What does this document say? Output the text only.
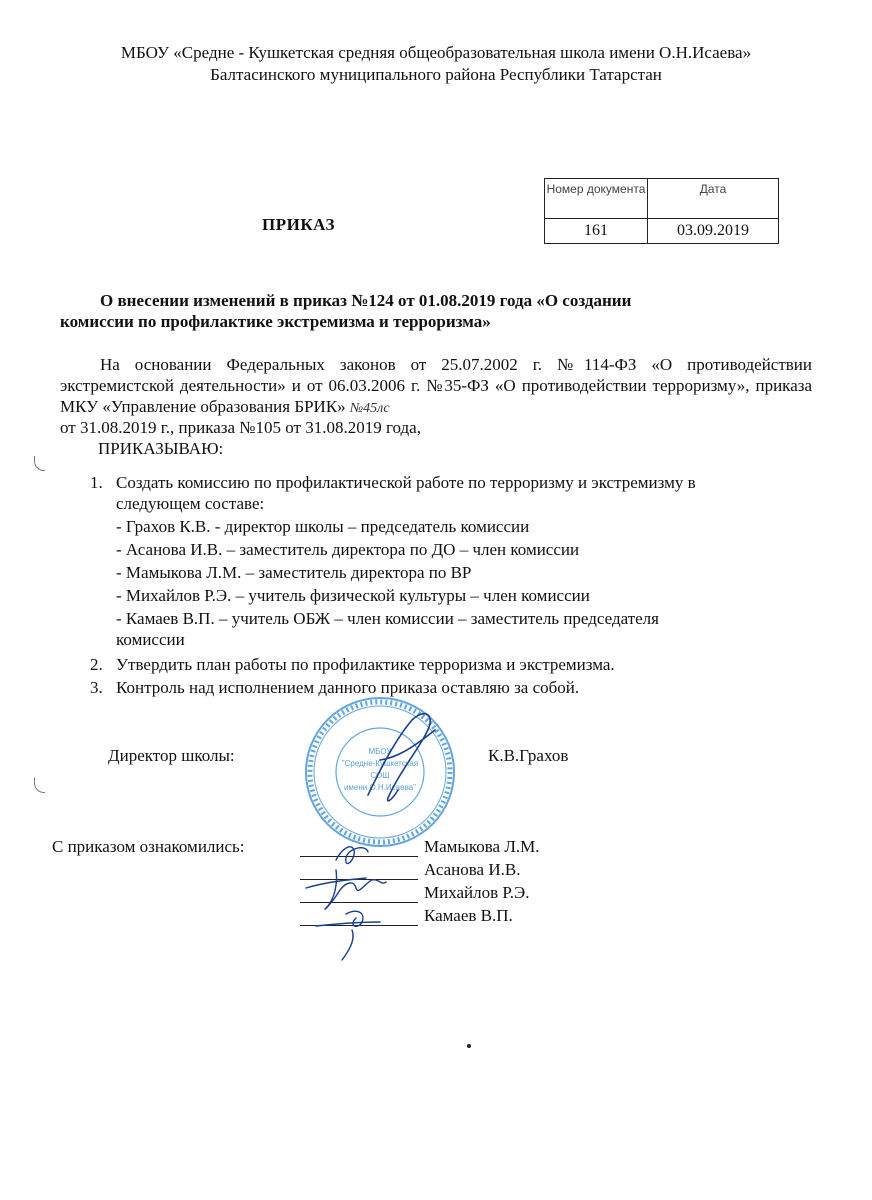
МБОУ «Средне - Кушкетская средняя общеобразовательная школа имени О.Н.Исаева»
Балтасинского муниципального района Республики Татарстан
ПРИКАЗ
Номер документа	Дата
161	03.09.2019
О внесении изменений в приказ №124 от 01.08.2019 года «О создании
комиссии по профилактике экстремизма и терроризма»
На основании Федеральных законов от 25.07.2002 г. №114-ФЗ «О противодействии экстремистской деятельности» и от 06.03.2006 г. №35-ФЗ «О противодействии терроризму», приказа МКУ «Управление образования БРИК» №45лс
от 31.08.2019 г., приказа №105 от 31.08.2019 года,
ПРИКАЗЫВАЮ:
1. Создать комиссию по профилактической работе по терроризму и экстремизму в
следующем составе:
- Грахов К.В. - директор школы – председатель комиссии
- Асанова И.В. – заместитель директора по ДО – член комиссии
- Мамыкова Л.М. – заместитель директора по ВР
- Михайлов Р.Э. – учитель физической культуры – член комиссии
- Камаев В.П. – учитель ОБЖ – член комиссии – заместитель председателя
комиссии
2. Утвердить план работы по профилактике терроризма и экстремизма.
3. Контроль над исполнением данного приказа оставляю за собой.
МБОУ
"Средне-Кушкетская
СОШ
имени О.Н.Исаева"
Директор школы:	К.В.Грахов
С приказом ознакомились:	Мамыкова Л.М.
Асанова И.В.
Михайлов Р.Э.
Камаев В.П.
